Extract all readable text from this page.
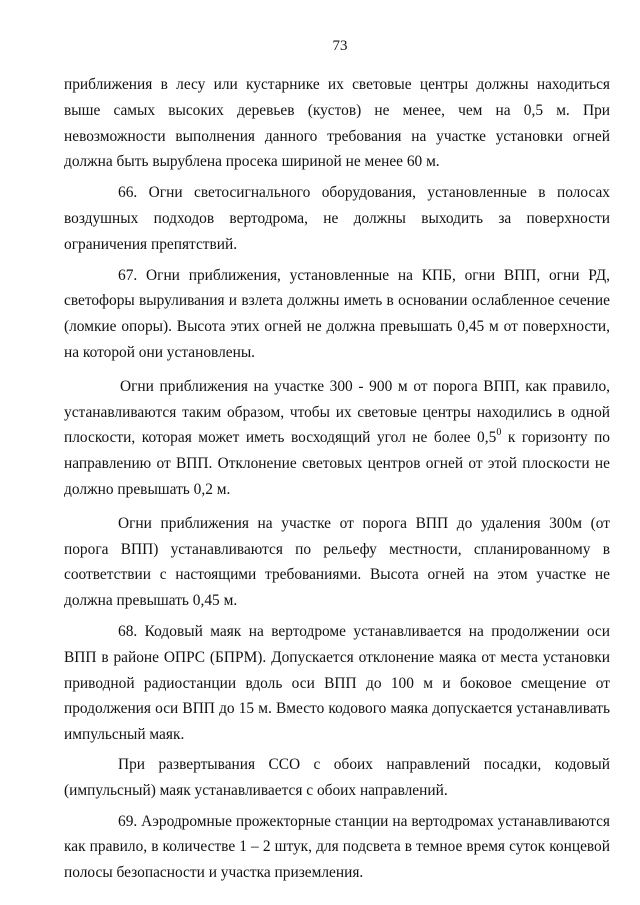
73

приближения в лесу или кустарнике их световые центры должны находиться выше самых высоких деревьев (кустов) не менее, чем на 0,5 м. При невозможности выполнения данного требования на участке установки огней должна быть вырублена просека шириной не менее 60 м.

66. Огни светосигнального оборудования, установленные в полосах воздушных подходов вертодрома, не должны выходить за поверхности ограничения препятствий.

67. Огни приближения, установленные на КПБ, огни ВПП, огни РД, светофоры выруливания и взлета должны иметь в основании ослабленное сечение (ломкие опоры). Высота этих огней не должна превышать 0,45 м от поверхности, на которой они установлены.

Огни приближения на участке 300 - 900 м от порога ВПП, как правило, устанавливаются таким образом, чтобы их световые центры находились в одной плоскости, которая может иметь восходящий угол не более $0,5^0$ к горизонту по направлению от ВПП. Отклонение световых центров огней от этой плоскости не должно превышать 0,2 м.

Огни приближения на участке от порога ВПП до удаления 300м (от порога ВПП) устанавливаются по рельефу местности, спланированному в соответствии с настоящими требованиями. Высота огней на этом участке не должна превышать 0,45 м.

68. Кодовый маяк на вертодроме устанавливается на продолжении оси ВПП в районе ОПРС (БПРМ). Допускается отклонение маяка от места установки приводной радиостанции вдоль оси ВПП до 100 м и боковое смещение от продолжения оси ВПП до 15 м. Вместо кодового маяка допускается устанавливать импульсный маяк.

При развертывания ССО с обоих направлений посадки, кодовый (импульсный) маяк устанавливается с обоих направлений.

69. Аэродромные прожекторные станции на вертодромах устанавливаются как правило, в количестве 1 – 2 штук, для подсвета в темное время суток концевой полосы безопасности и участка приземления.
